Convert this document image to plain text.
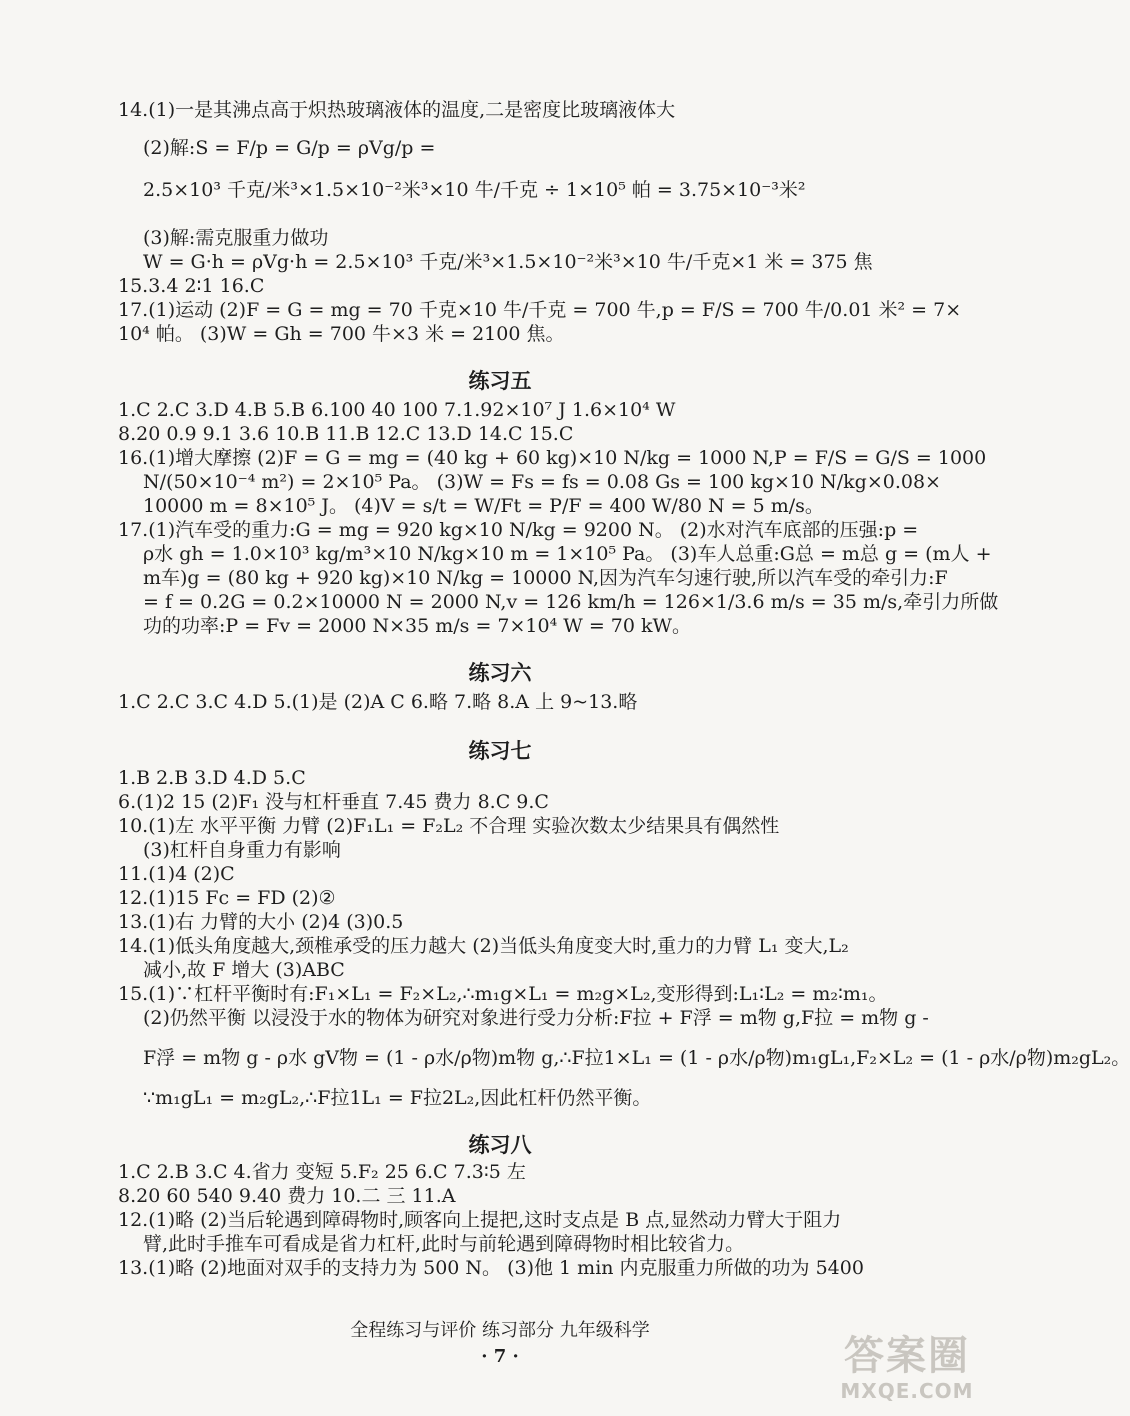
14.(1)一是其沸点高于炽热玻璃液体的温度,二是密度比玻璃液体大
(2)解:S = F/p = G/p = ρVg/p =
2.5×10³ 千克/米³×1.5×10⁻²米³×10 牛/千克 ÷ 1×10⁵ 帕 = 3.75×10⁻³米²
(3)解:需克服重力做功
W = G·h = ρVg·h = 2.5×10³ 千克/米³×1.5×10⁻²米³×10 牛/千克×1 米 = 375 焦
15.3.4 2∶1 16.C
17.(1)运动 (2)F = G = mg = 70 千克×10 牛/千克 = 700 牛,p = F/S = 700 牛/0.01 米² = 7×
10⁴ 帕。 (3)W = Gh = 700 牛×3 米 = 2100 焦。
练习五
1.C 2.C 3.D 4.B 5.B 6.100 40 100 7.1.92×10⁷ J 1.6×10⁴ W
8.20 0.9 9.1 3.6 10.B 11.B 12.C 13.D 14.C 15.C
16.(1)增大摩擦 (2)F = G = mg = (40 kg + 60 kg)×10 N/kg = 1000 N,P = F/S = G/S = 1000
N/(50×10⁻⁴ m²) = 2×10⁵ Pa。 (3)W = Fs = fs = 0.08 Gs = 100 kg×10 N/kg×0.08×
10000 m = 8×10⁵ J。 (4)V = s/t = W/Ft = P/F = 400 W/80 N = 5 m/s。
17.(1)汽车受的重力:G = mg = 920 kg×10 N/kg = 9200 N。 (2)水对汽车底部的压强:p =
ρ水 gh = 1.0×10³ kg/m³×10 N/kg×10 m = 1×10⁵ Pa。 (3)车人总重:G总 = m总 g = (m人 +
m车)g = (80 kg + 920 kg)×10 N/kg = 10000 N,因为汽车匀速行驶,所以汽车受的牵引力:F
= f = 0.2G = 0.2×10000 N = 2000 N,v = 126 km/h = 126×1/3.6 m/s = 35 m/s,牵引力所做
功的功率:P = Fv = 2000 N×35 m/s = 7×10⁴ W = 70 kW。
练习六
1.C 2.C 3.C 4.D 5.(1)是 (2)A C 6.略 7.略 8.A 上 9~13.略
练习七
1.B 2.B 3.D 4.D 5.C
6.(1)2 15 (2)F₁ 没与杠杆垂直 7.45 费力 8.C 9.C
10.(1)左 水平平衡 力臂 (2)F₁L₁ = F₂L₂ 不合理 实验次数太少结果具有偶然性
(3)杠杆自身重力有影响
11.(1)4 (2)C
12.(1)15 Fc = FD (2)②
13.(1)右 力臂的大小 (2)4 (3)0.5
14.(1)低头角度越大,颈椎承受的压力越大 (2)当低头角度变大时,重力的力臂 L₁ 变大,L₂
减小,故 F 增大 (3)ABC
15.(1)∵杠杆平衡时有:F₁×L₁ = F₂×L₂,∴m₁g×L₁ = m₂g×L₂,变形得到:L₁∶L₂ = m₂∶m₁。
(2)仍然平衡 以浸没于水的物体为研究对象进行受力分析:F拉 + F浮 = m物 g,F拉 = m物 g -
F浮 = m物 g - ρ水 gV物 = (1 - ρ水/ρ物)m物 g,∴F拉1×L₁ = (1 - ρ水/ρ物)m₁gL₁,F₂×L₂ = (1 - ρ水/ρ物)m₂gL₂。
∵m₁gL₁ = m₂gL₂,∴F拉1L₁ = F拉2L₂,因此杠杆仍然平衡。
练习八
1.C 2.B 3.C 4.省力 变短 5.F₂ 25 6.C 7.3∶5 左
8.20 60 540 9.40 费力 10.二 三 11.A
12.(1)略 (2)当后轮遇到障碍物时,顾客向上提把,这时支点是 B 点,显然动力臂大于阻力
臂,此时手推车可看成是省力杠杆,此时与前轮遇到障碍物时相比较省力。
13.(1)略 (2)地面对双手的支持力为 500 N。 (3)他 1 min 内克服重力所做的功为 5400
全程练习与评价 练习部分 九年级科学
· 7 ·	答案圈
MXQE.COM
